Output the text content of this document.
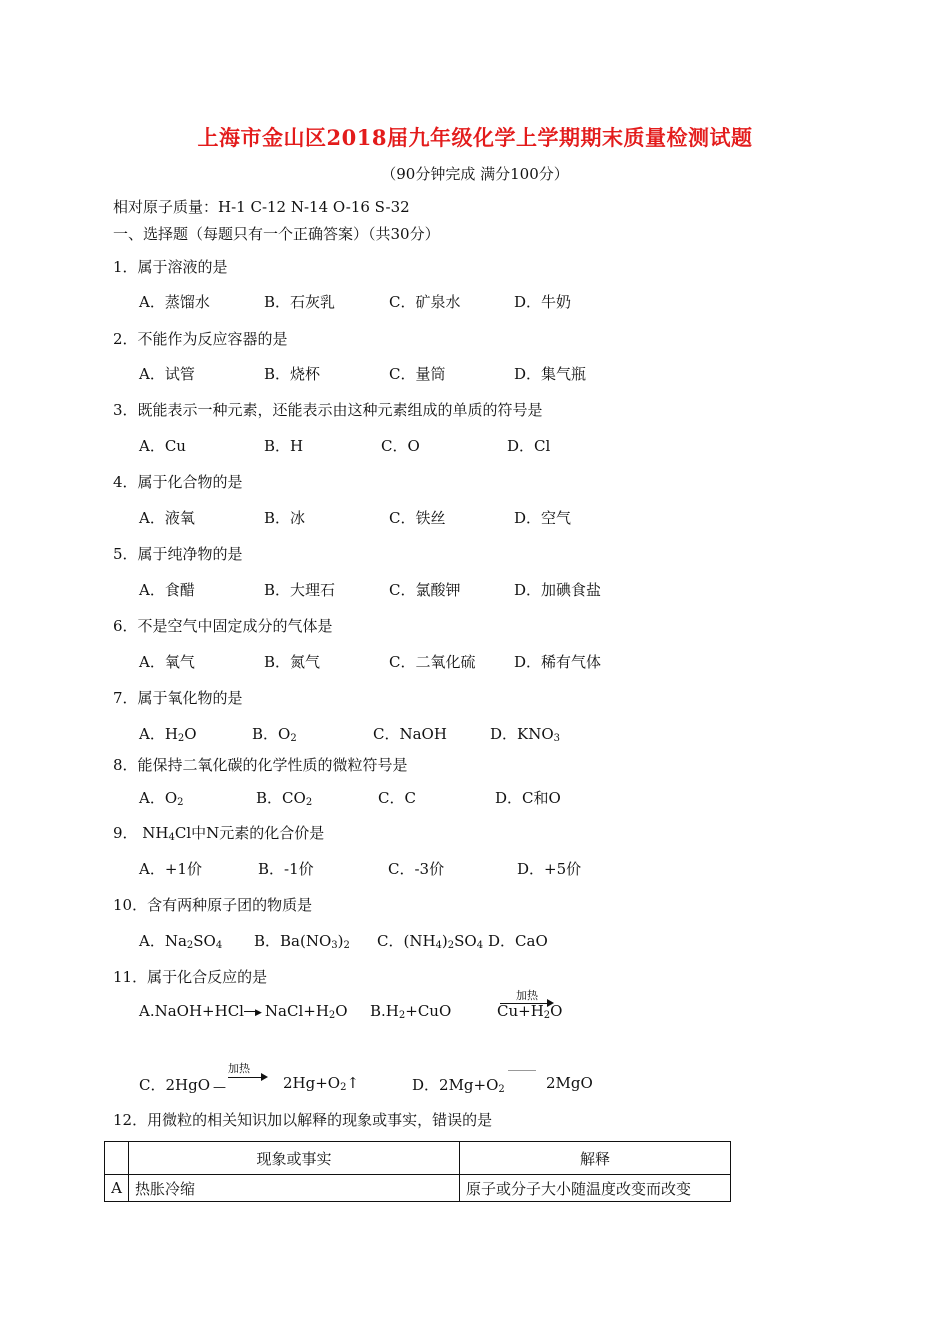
上海市金山区2018届九年级化学上学期期末质量检测试题
（90分钟完成 满分100分）
相对原子质量：H-1 C-12 N-14 O-16 S-32
一、选择题（每题只有一个正确答案）（共30分）
1．属于溶液的是
A．蒸馏水	B．石灰乳	C．矿泉水	D．牛奶
2．不能作为反应容器的是
A．试管	B．烧杯	C．量筒	D．集气瓶
3．既能表示一种元素，还能表示由这种元素组成的单质的符号是
A．Cu	B．H	C．O	D．Cl
4．属于化合物的是
A．液氧	B．冰	C．铁丝	D．空气
5．属于纯净物的是
A．食醋	B．大理石	C．氯酸钾	D．加碘食盐
6．不是空气中固定成分的气体是
A．氧气	B．氮气	C．二氧化硫	D．稀有气体
7．属于氧化物的是
A．$H_2O$	B．$O_2$	C．NaOH	D．$KNO_3$
8．能保持二氧化碳的化学性质的微粒符号是
A．$O_2$	B．$CO_2$	C．C	D．C和O
9． $NH_4Cl$中N元素的化合价是
A．+1价	B．-1价	C．-3价	D．+5价
10．含有两种原子团的物质是
A．$Na_2SO_4$ B．$Ba(NO_3)_2$ C．$(NH_4)_2SO_4$ D．CaO
11．属于化合反应的是
A.NaOH+HCl ▶ $NaCl+H_2O$ $B.H_2+CuO$
加热
$Cu+H_2O$
C．2HgO —
加热
$2Hg+O_2↑$	D．$2Mg+O_2$	2MgO
12．用微粒的相关知识加以解释的现象或事实，错误的是
	现象或事实	解释
A	热胀冷缩	原子或分子大小随温度改变而改变
